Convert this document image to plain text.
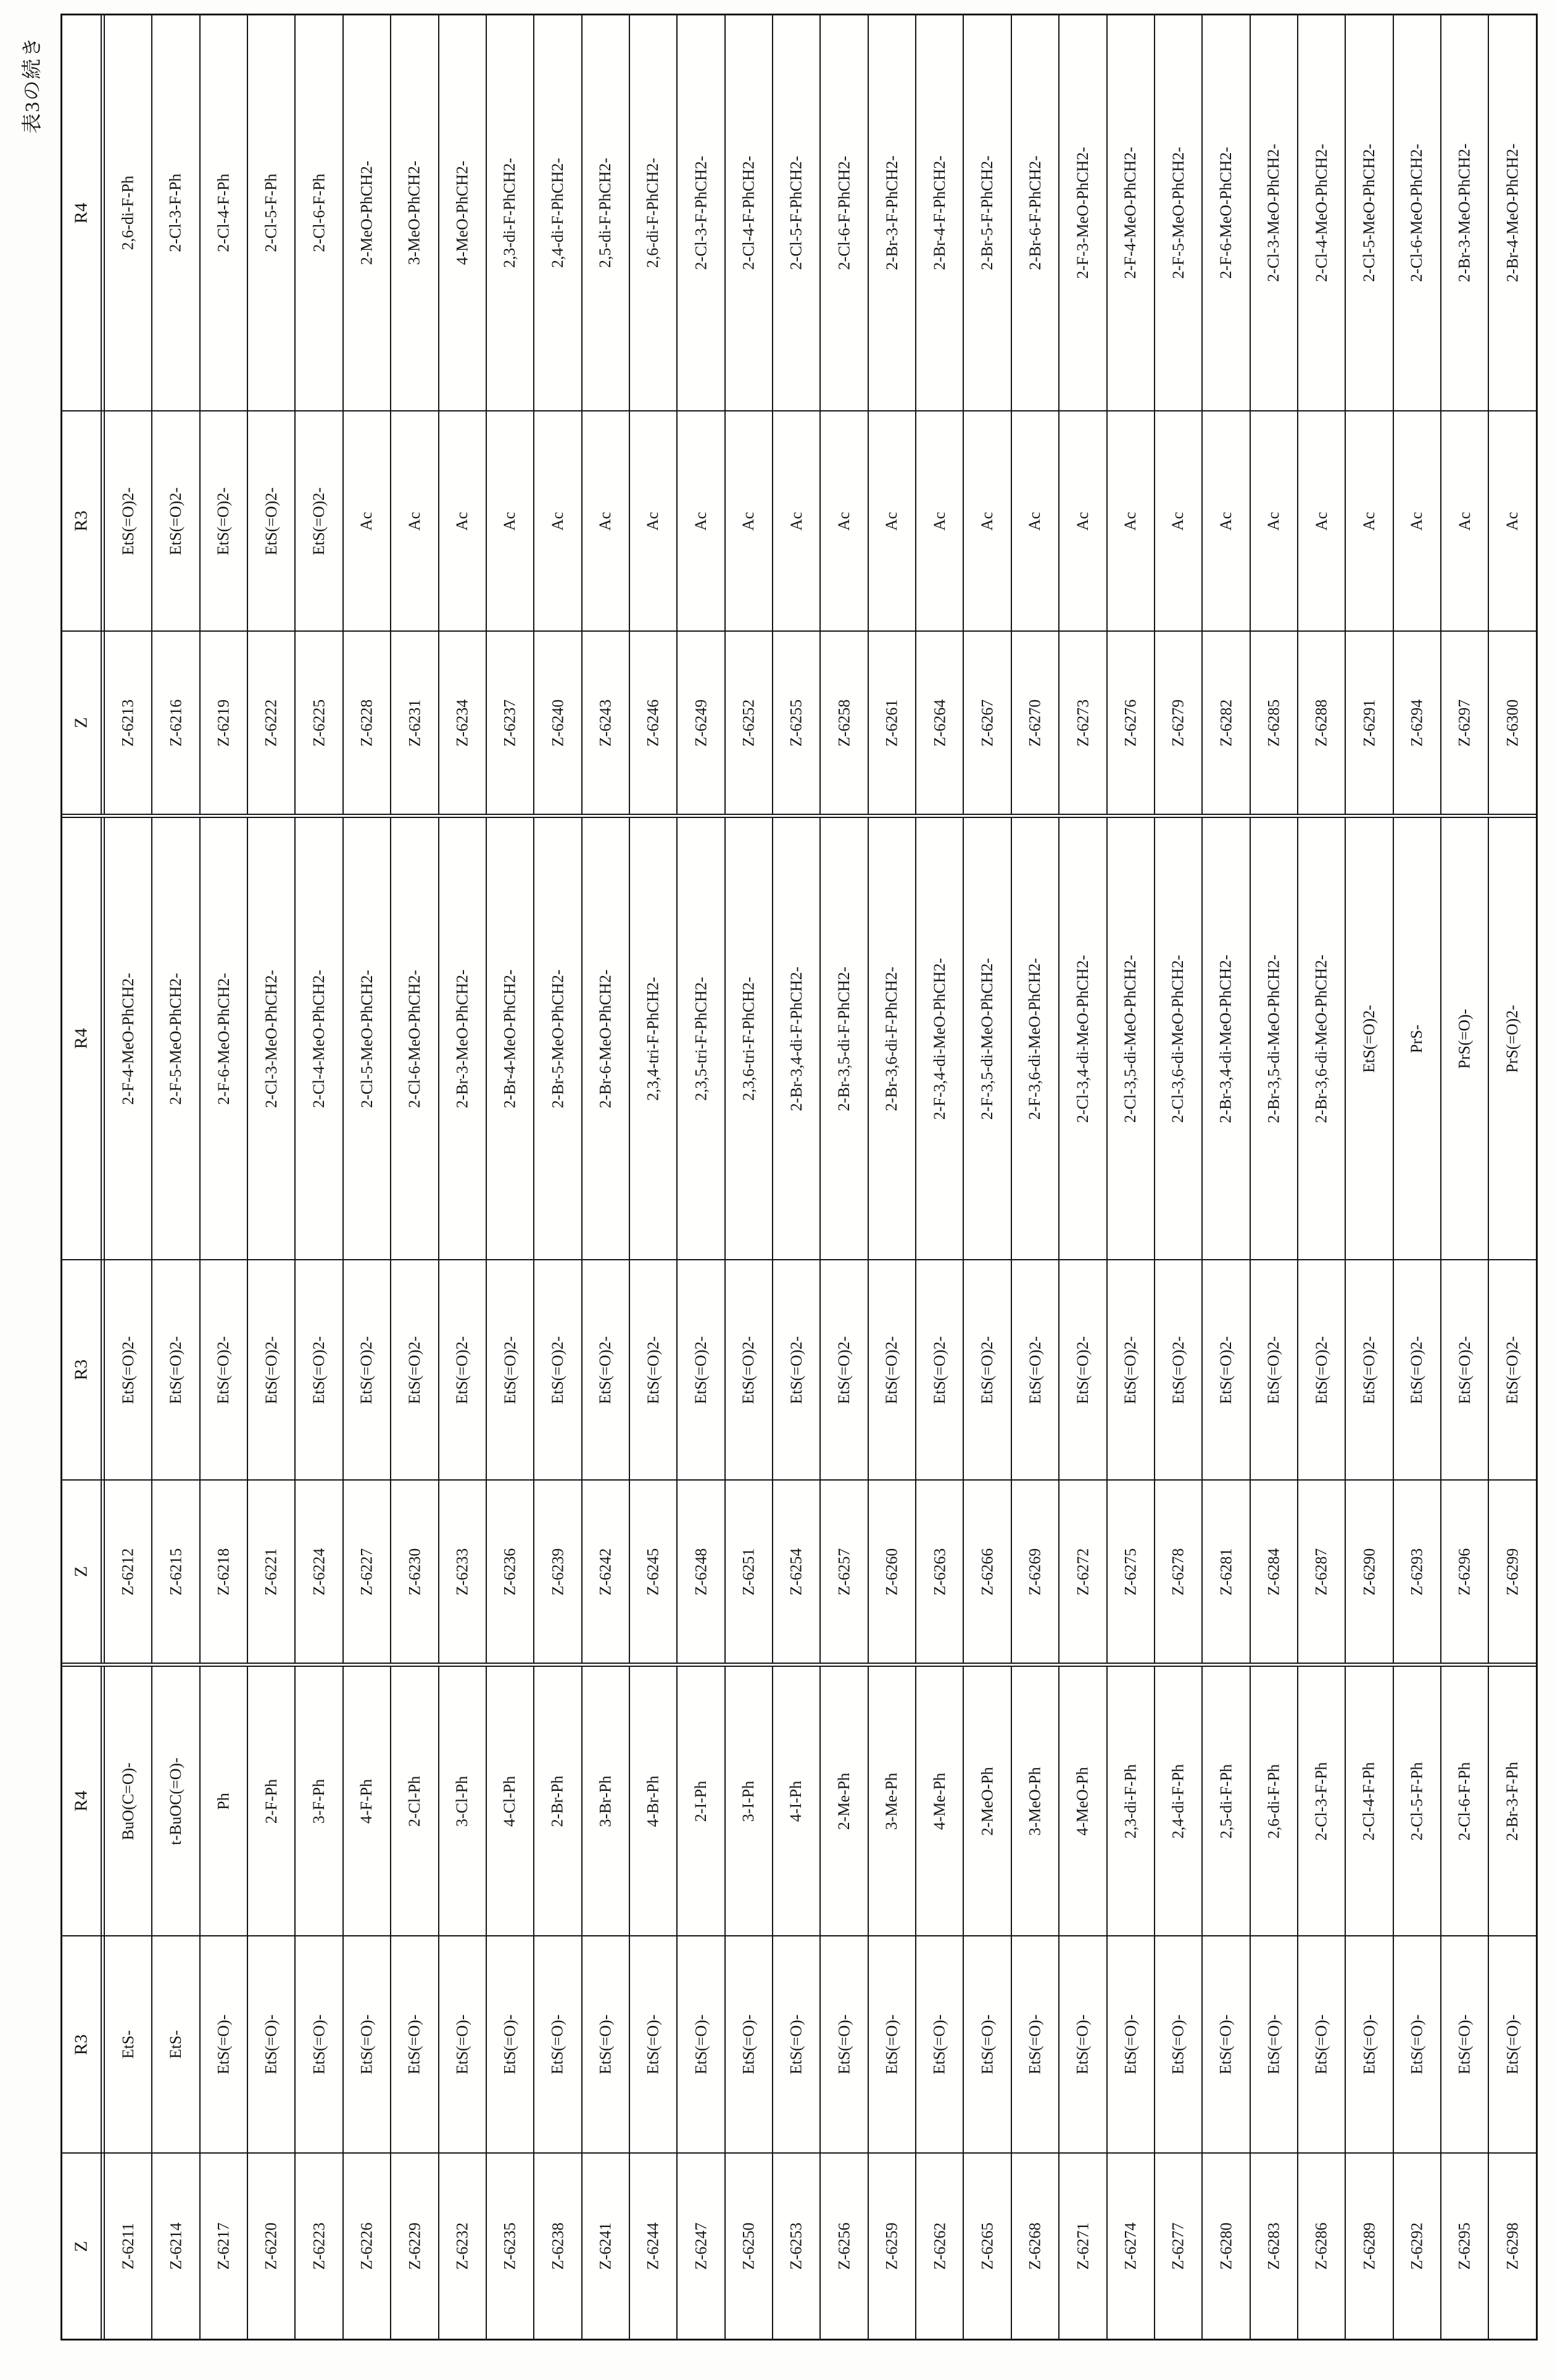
表3の続き
R4 2,6-di-F-Ph 2-Cl-3-F-Ph 2-Cl-4-F-Ph 2-Cl-5-F-Ph 2-Cl-6-F-Ph 2-MeO-PhCH2- 3-MeO-PhCH2- 4-MeO-PhCH2- 2,3-di-F-PhCH2- 2,4-di-F-PhCH2- 2,5-di-F-PhCH2- 2,6-di-F-PhCH2- 2-Cl-3-F-PhCH2- 2-Cl-4-F-PhCH2- 2-Cl-5-F-PhCH2- 2-Cl-6-F-PhCH2- 2-Br-3-F-PhCH2- 2-Br-4-F-PhCH2- 2-Br-5-F-PhCH2- 2-Br-6-F-PhCH2- 2-F-3-MeO-PhCH2- 2-F-4-MeO-PhCH2- 2-F-5-MeO-PhCH2- 2-F-6-MeO-PhCH2- 2-Cl-3-MeO-PhCH2- 2-Cl-4-MeO-PhCH2- 2-Cl-5-MeO-PhCH2- 2-Cl-6-MeO-PhCH2- 2-Br-3-MeO-PhCH2- 2-Br-4-MeO-PhCH2-
R3 EtS(=O)2- EtS(=O)2- EtS(=O)2- EtS(=O)2- EtS(=O)2- Ac Ac Ac Ac Ac Ac Ac Ac Ac Ac Ac Ac Ac Ac Ac Ac Ac Ac Ac Ac Ac Ac Ac Ac Ac
Z Z-6213 Z-6216 Z-6219 Z-6222 Z-6225 Z-6228 Z-6231 Z-6234 Z-6237 Z-6240 Z-6243 Z-6246 Z-6249 Z-6252 Z-6255 Z-6258 Z-6261 Z-6264 Z-6267 Z-6270 Z-6273 Z-6276 Z-6279 Z-6282 Z-6285 Z-6288 Z-6291 Z-6294 Z-6297 Z-6300
R4 2-F-4-MeO-PhCH2- 2-F-5-MeO-PhCH2- 2-F-6-MeO-PhCH2- 2-Cl-3-MeO-PhCH2- 2-Cl-4-MeO-PhCH2- 2-Cl-5-MeO-PhCH2- 2-Cl-6-MeO-PhCH2- 2-Br-3-MeO-PhCH2- 2-Br-4-MeO-PhCH2- 2-Br-5-MeO-PhCH2- 2-Br-6-MeO-PhCH2- 2,3,4-tri-F-PhCH2- 2,3,5-tri-F-PhCH2- 2,3,6-tri-F-PhCH2- 2-Br-3,4-di-F-PhCH2- 2-Br-3,5-di-F-PhCH2- 2-Br-3,6-di-F-PhCH2- 2-F-3,4-di-MeO-PhCH2- 2-F-3,5-di-MeO-PhCH2- 2-F-3,6-di-MeO-PhCH2- 2-Cl-3,4-di-MeO-PhCH2- 2-Cl-3,5-di-MeO-PhCH2- 2-Cl-3,6-di-MeO-PhCH2- 2-Br-3,4-di-MeO-PhCH2- 2-Br-3,5-di-MeO-PhCH2- 2-Br-3,6-di-MeO-PhCH2- EtS(=O)2- PrS- PrS(=O)- PrS(=O)2-
R3 EtS(=O)2- EtS(=O)2- EtS(=O)2- EtS(=O)2- EtS(=O)2- EtS(=O)2- EtS(=O)2- EtS(=O)2- EtS(=O)2- EtS(=O)2- EtS(=O)2- EtS(=O)2- EtS(=O)2- EtS(=O)2- EtS(=O)2- EtS(=O)2- EtS(=O)2- EtS(=O)2- EtS(=O)2- EtS(=O)2- EtS(=O)2- EtS(=O)2- EtS(=O)2- EtS(=O)2- EtS(=O)2- EtS(=O)2- EtS(=O)2- EtS(=O)2- EtS(=O)2- EtS(=O)2-
Z Z-6212 Z-6215 Z-6218 Z-6221 Z-6224 Z-6227 Z-6230 Z-6233 Z-6236 Z-6239 Z-6242 Z-6245 Z-6248 Z-6251 Z-6254 Z-6257 Z-6260 Z-6263 Z-6266 Z-6269 Z-6272 Z-6275 Z-6278 Z-6281 Z-6284 Z-6287 Z-6290 Z-6293 Z-6296 Z-6299
R4 BuO(C=O)- t-BuOC(=O)- Ph 2-F-Ph 3-F-Ph 4-F-Ph 2-Cl-Ph 3-Cl-Ph 4-Cl-Ph 2-Br-Ph 3-Br-Ph 4-Br-Ph 2-I-Ph 3-I-Ph 4-I-Ph 2-Me-Ph 3-Me-Ph 4-Me-Ph 2-MeO-Ph 3-MeO-Ph 4-MeO-Ph 2,3-di-F-Ph 2,4-di-F-Ph 2,5-di-F-Ph 2,6-di-F-Ph 2-Cl-3-F-Ph 2-Cl-4-F-Ph 2-Cl-5-F-Ph 2-Cl-6-F-Ph 2-Br-3-F-Ph
R3 EtS- EtS- EtS(=O)- EtS(=O)- EtS(=O)- EtS(=O)- EtS(=O)- EtS(=O)- EtS(=O)- EtS(=O)- EtS(=O)- EtS(=O)- EtS(=O)- EtS(=O)- EtS(=O)- EtS(=O)- EtS(=O)- EtS(=O)- EtS(=O)- EtS(=O)- EtS(=O)- EtS(=O)- EtS(=O)- EtS(=O)- EtS(=O)- EtS(=O)- EtS(=O)- EtS(=O)- EtS(=O)- EtS(=O)-
Z Z-6211 Z-6214 Z-6217 Z-6220 Z-6223 Z-6226 Z-6229 Z-6232 Z-6235 Z-6238 Z-6241 Z-6244 Z-6247 Z-6250 Z-6253 Z-6256 Z-6259 Z-6262 Z-6265 Z-6268 Z-6271 Z-6274 Z-6277 Z-6280 Z-6283 Z-6286 Z-6289 Z-6292 Z-6295 Z-6298
